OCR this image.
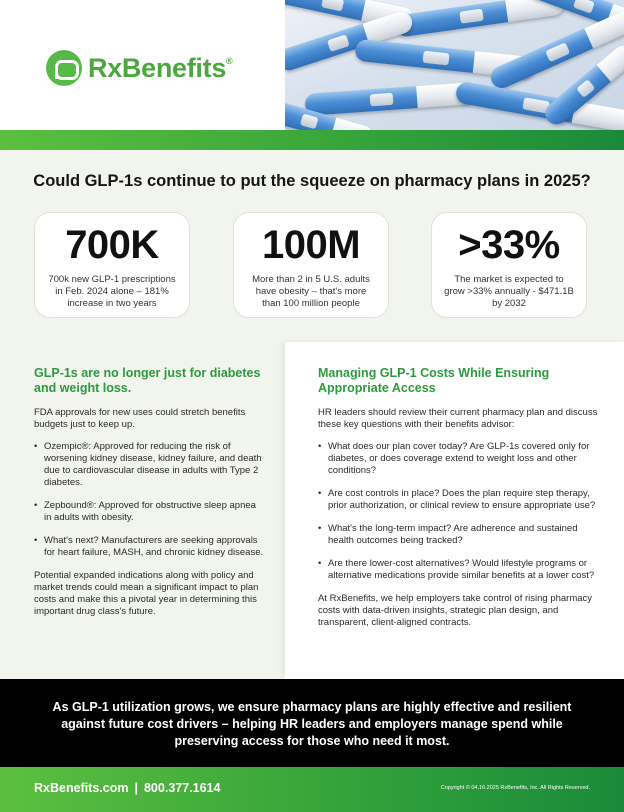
RxBenefits®
Could GLP-1s continue to put the squeeze on pharmacy plans in 2025?
700K
700k new GLP-1 prescriptions in Feb. 2024 alone – 181% increase in two years
100M
More than 2 in 5 U.S. adults have obesity – that's more than 100 million people
>33%
The market is expected to grow >33% annually - $471.1B by 2032
GLP-1s are no longer just for diabetes and weight loss.

FDA approvals for new uses could stretch benefits budgets just to keep up.

• Ozempic®: Approved for reducing the risk of worsening kidney disease, kidney failure, and death due to cardiovascular disease in adults with Type 2 diabetes.
• Zepbound®: Approved for obstructive sleep apnea in adults with obesity.
• What's next? Manufacturers are seeking approvals for heart failure, MASH, and chronic kidney disease.

Potential expanded indications along with policy and market trends could mean a significant impact to plan costs and make this a pivotal year in determining this important drug class's future.

Managing GLP-1 Costs While Ensuring Appropriate Access

HR leaders should review their current pharmacy plan and discuss these key questions with their benefits advisor:

• What does our plan cover today? Are GLP-1s covered only for diabetes, or does coverage extend to weight loss and other conditions?
• Are cost controls in place? Does the plan require step therapy, prior authorization, or clinical review to ensure appropriate use?
• What's the long-term impact? Are adherence and sustained health outcomes being tracked?
• Are there lower-cost alternatives? Would lifestyle programs or alternative medications provide similar benefits at a lower cost?

At RxBenefits, we help employers take control of rising pharmacy costs with data-driven insights, strategic plan design, and transparent, client-aligned contracts.

As GLP-1 utilization grows, we ensure pharmacy plans are highly effective and resilient against future cost drivers – helping HR leaders and employers manage spend while preserving access for those who need it most.
RxBenefits.com | 800.377.1614	Copyright © 04.16.2025 RxBenefits, Inc. All Rights Reserved.
